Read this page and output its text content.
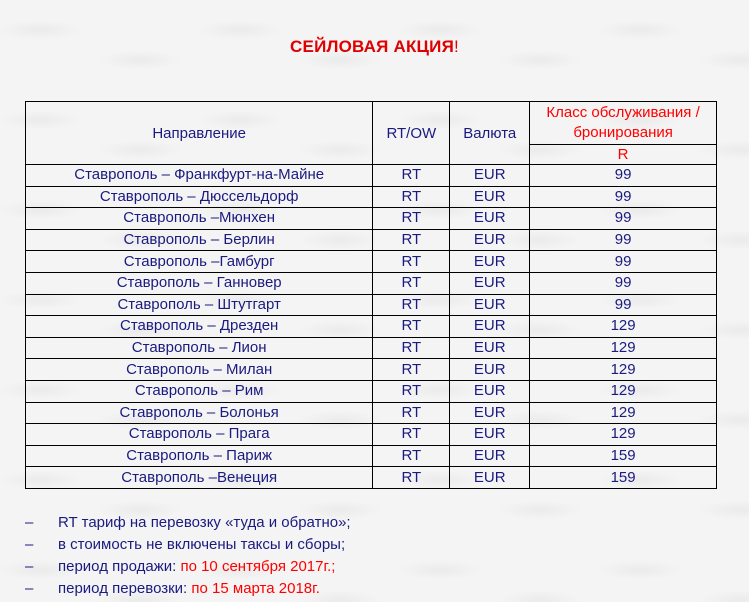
СЕЙЛОВАЯ АКЦИЯ!
Направление	RT/OW	Валюта	Класс обслуживания / бронирования
			R
Ставрополь – Франкфурт-на-Майне	RT	EUR	99
Ставрополь – Дюссельдорф	RT	EUR	99
Ставрополь –Мюнхен	RT	EUR	99
Ставрополь – Берлин	RT	EUR	99
Ставрополь –Гамбург	RT	EUR	99
Ставрополь – Ганновер	RT	EUR	99
Ставрополь – Штутгарт	RT	EUR	99
Ставрополь – Дрезден	RT	EUR	129
Ставрополь – Лион	RT	EUR	129
Ставрополь – Милан	RT	EUR	129
Ставрополь – Рим	RT	EUR	129
Ставрополь – Болонья	RT	EUR	129
Ставрополь – Прага	RT	EUR	129
Ставрополь – Париж	RT	EUR	159
Ставрополь –Венеция	RT	EUR	159
– RT тариф на перевозку «туда и обратно»;
– в стоимость не включены таксы и сборы;
– период продажи: по 10 сентября 2017г.;
– период перевозки: по 15 марта 2018г.
